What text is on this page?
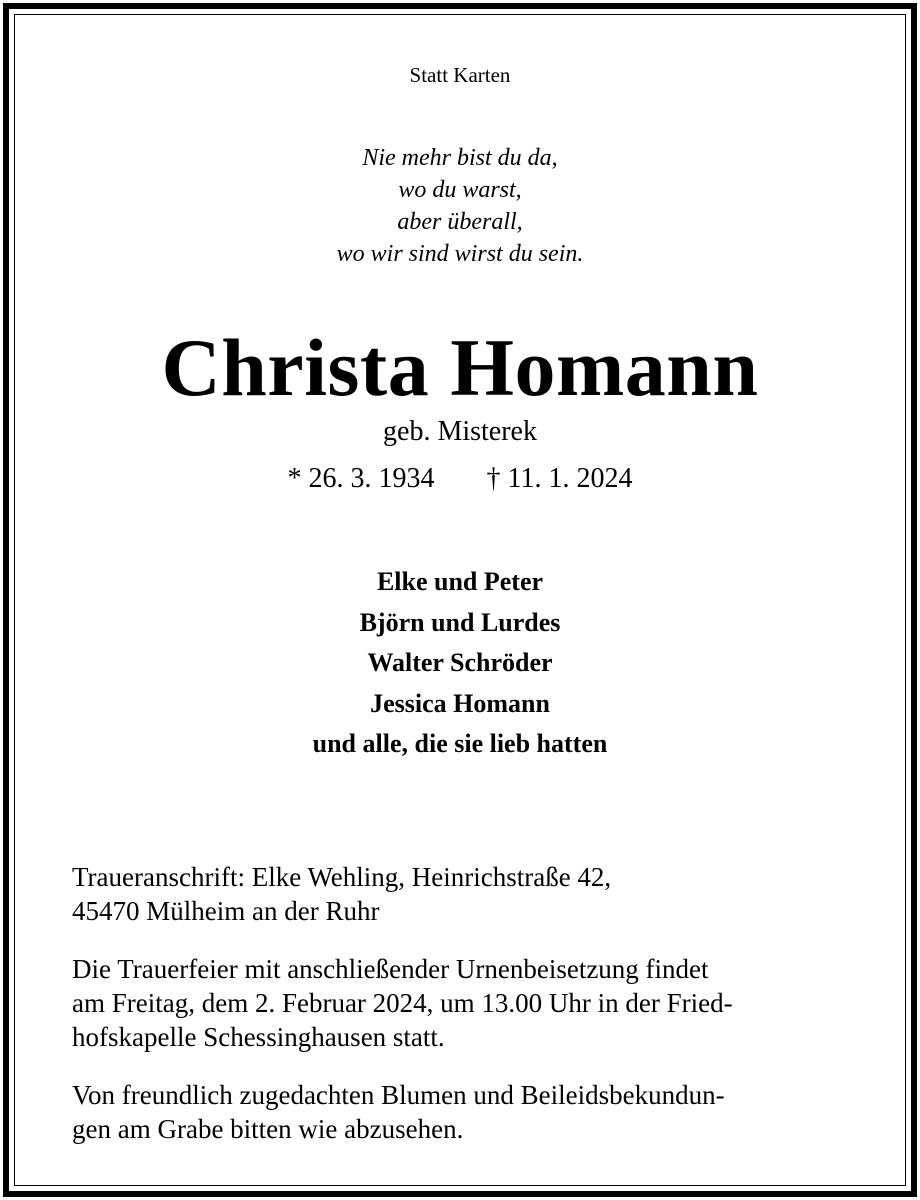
Statt Karten
Nie mehr bist du da,
wo du warst,
aber überall,
wo wir sind wirst du sein.
Christa Homann
geb. Misterek
* 26. 3. 1934 † 11. 1. 2024
Elke und Peter
Björn und Lurdes
Walter Schröder
Jessica Homann
und alle, die sie lieb hatten
Traueranschrift: Elke Wehling, Heinrichstraße 42,
45470 Mülheim an der Ruhr
Die Trauerfeier mit anschließender Urnenbeisetzung findet
am Freitag, dem 2. Februar 2024, um 13.00 Uhr in der Fried-
hofskapelle Schessinghausen statt.
Von freundlich zugedachten Blumen und Beileidsbekundun-
gen am Grabe bitten wie abzusehen.
